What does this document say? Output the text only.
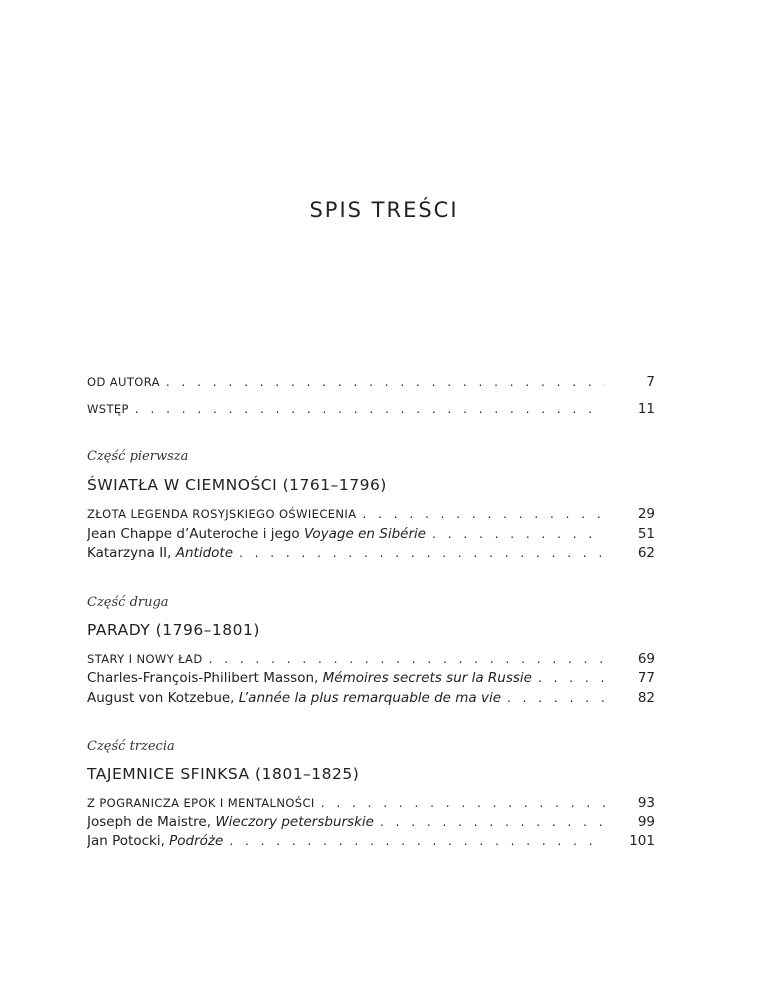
SPIS TREŚCI
OD AUTORA . . .	7
WSTĘP . . .	11
Część pierwsza
ŚWIATŁA W CIEMNOŚCI (1761–1796)
ZŁOTA LEGENDA ROSYJSKIEGO OŚWIECENIA . . .	29
Jean Chappe d’Auteroche i jego Voyage en Sibérie . . .	51
Katarzyna II, Antidote . . .	62
Część druga
PARADY (1796–1801)
STARY I NOWY ŁAD . . .	69
Charles-François-Philibert Masson, Mémoires secrets sur la Russie . . .	77
August von Kotzebue, L’année la plus remarquable de ma vie . . .	82
Część trzecia
TAJEMNICE SFINKSA (1801–1825)
Z POGRANICZA EPOK I MENTALNOŚCI . . .	93
Joseph de Maistre, Wieczory petersburskie . . .	99
Jan Potocki, Podróże . . .	101
